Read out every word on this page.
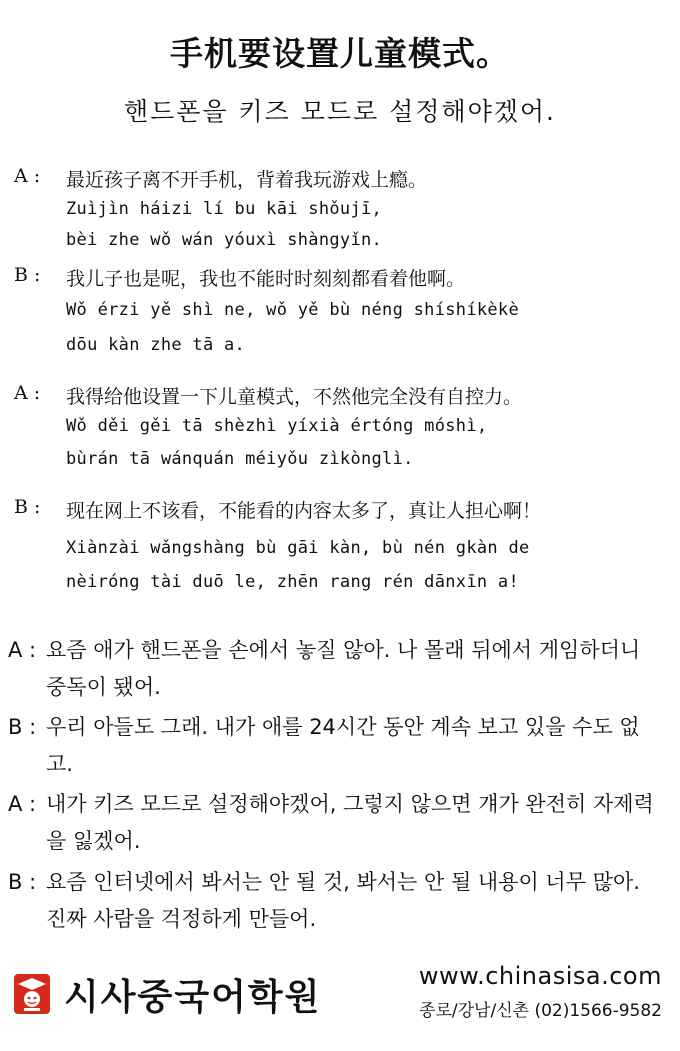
手机要设置儿童模式。
핸드폰을 키즈 모드로 설정해야겠어.
A :	最近孩子离不开手机，背着我玩游戏上瘾。
Zuìjìn háizi lí bu kāi shǒujī,
bèi zhe wǒ wán yóuxì shàngyǐn.
B :	我儿子也是呢，我也不能时时刻刻都看着他啊。
Wǒ érzi yě shì ne, wǒ yě bù néng shíshíkèkè
dōu kàn zhe tā a.
A :	我得给他设置一下儿童模式，不然他完全没有自控力。
Wǒ děi gěi tā shèzhì yíxià értóng móshì,
bùrán tā wánquán méiyǒu zìkònglì.
B :	现在网上不该看，不能看的内容太多了，真让人担心啊！
Xiànzài wǎngshàng bù gāi kàn, bù nén gkàn de
nèiróng tài duō le, zhēn rang rén dānxīn a!
A : 요즘 애가 핸드폰을 손에서 놓질 않아. 나 몰래 뒤에서 게임하더니 중독이 됐어.
B : 우리 아들도 그래. 내가 애를 24시간 동안 계속 보고 있을 수도 없고.
A : 내가 키즈 모드로 설정해야겠어, 그렇지 않으면 걔가 완전히 자제력을 잃겠어.
B : 요즘 인터넷에서 봐서는 안 될 것, 봐서는 안 될 내용이 너무 많아. 진짜 사람을 걱정하게 만들어.
시사중국어학원
www.chinasisa.com
종로/강남/신촌 (02)1566-9582
